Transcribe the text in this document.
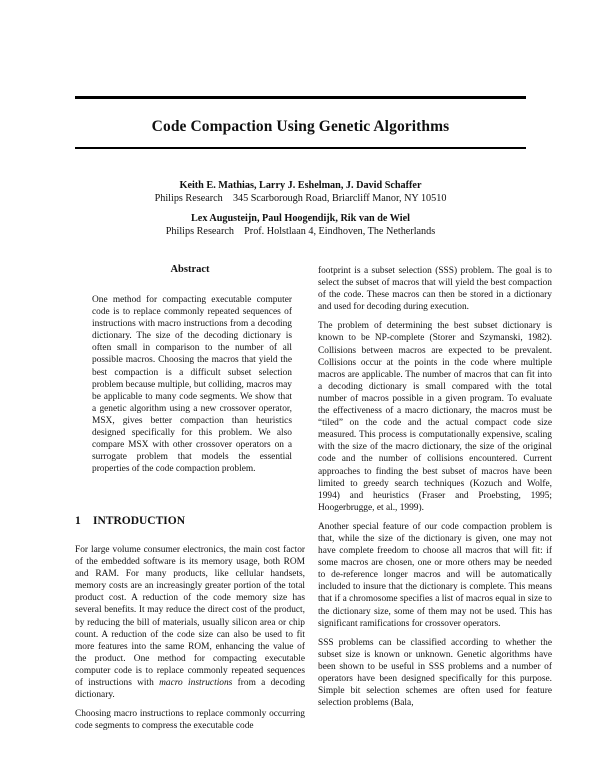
Code Compaction Using Genetic Algorithms
Keith E. Mathias, Larry J. Eshelman, J. David Schaffer
Philips Research    345 Scarborough Road, Briarcliff Manor, NY 10510
Lex Augusteijn, Paul Hoogendijk, Rik van de Wiel
Philips Research    Prof. Holstlaan 4, Eindhoven, The Netherlands
Abstract

One method for compacting executable computer code is to replace commonly repeated sequences of instructions with macro instructions from a decoding dictionary. The size of the decoding dictionary is often small in comparison to the number of all possible macros. Choosing the macros that yield the best compaction is a difficult subset selection problem because multiple, but colliding, macros may be applicable to many code segments. We show that a genetic algorithm using a new crossover operator, MSX, gives better compaction than heuristics designed specifically for this problem. We also compare MSX with other crossover operators on a surrogate problem that models the essential properties of the code compaction problem.

1 INTRODUCTION

For large volume consumer electronics, the main cost factor of the embedded software is its memory usage, both ROM and RAM. For many products, like cellular handsets, memory costs are an increasingly greater portion of the total product cost. A reduction of the code memory size has several benefits. It may reduce the direct cost of the product, by reducing the bill of materials, usually silicon area or chip count. A reduction of the code size can also be used to fit more features into the same ROM, enhancing the value of the product. One method for compacting executable computer code is to replace commonly repeated sequences of instructions with macro instructions from a decoding dictionary.

Choosing macro instructions to replace commonly occurring code segments to compress the executable code

footprint is a subset selection (SSS) problem. The goal is to select the subset of macros that will yield the best compaction of the code. These macros can then be stored in a dictionary and used for decoding during execution.

The problem of determining the best subset dictionary is known to be NP-complete (Storer and Szymanski, 1982). Collisions between macros are expected to be prevalent. Collisions occur at the points in the code where multiple macros are applicable. The number of macros that can fit into a decoding dictionary is small compared with the total number of macros possible in a given program. To evaluate the effectiveness of a macro dictionary, the macros must be “tiled” on the code and the actual compact code size measured. This process is computationally expensive, scaling with the size of the macro dictionary, the size of the original code and the number of collisions encountered. Current approaches to finding the best subset of macros have been limited to greedy search techniques (Kozuch and Wolfe, 1994) and heuristics (Fraser and Proebsting, 1995; Hoogerbrugge, et al., 1999).

Another special feature of our code compaction problem is that, while the size of the dictionary is given, one may not have complete freedom to choose all macros that will fit: if some macros are chosen, one or more others may be needed to de-reference longer macros and will be automatically included to insure that the dictionary is complete. This means that if a chromosome specifies a list of macros equal in size to the dictionary size, some of them may not be used. This has significant ramifications for crossover operators.

SSS problems can be classified according to whether the subset size is known or unknown. Genetic algorithms have been shown to be useful in SSS problems and a number of operators have been designed specifically for this purpose. Simple bit selection schemes are often used for feature selection problems (Bala,
